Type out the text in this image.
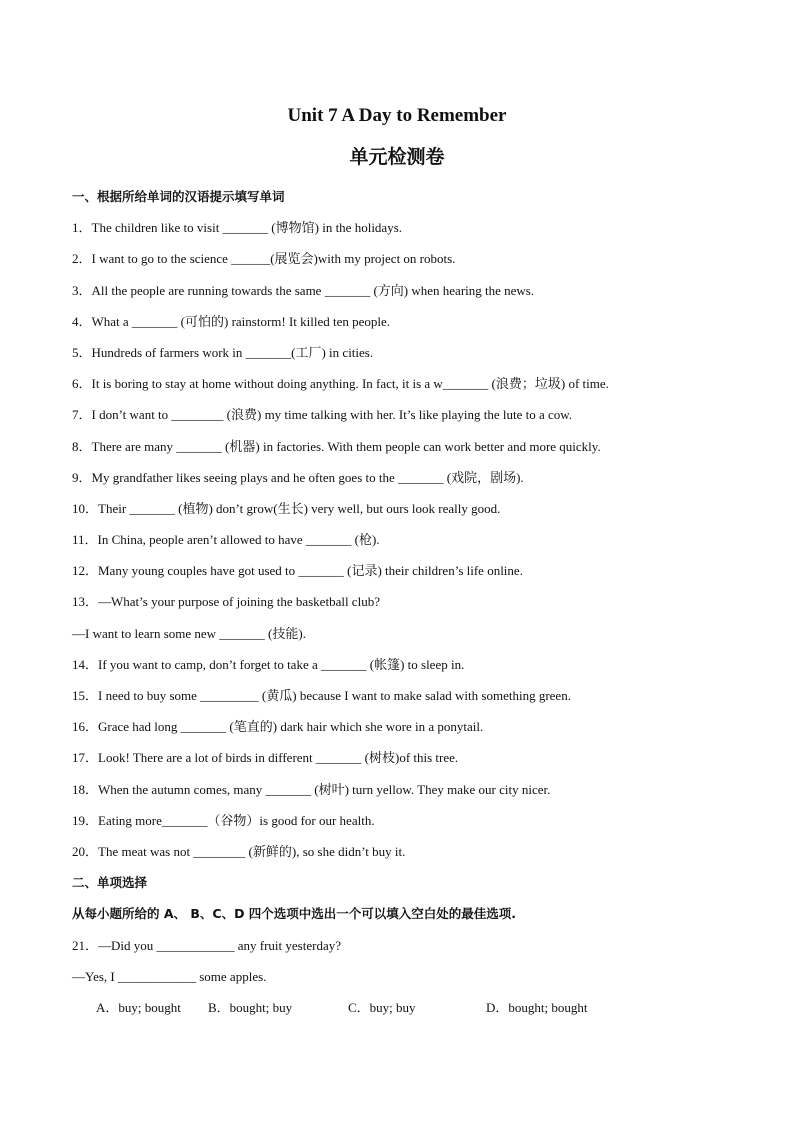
Unit 7 A Day to Remember
单元检测卷
一、根据所给单词的汉语提示填写单词
1．The children like to visit _______ (博物馆) in the holidays.
2．I want to go to the science ______(展览会)with my project on robots.
3．All the people are running towards the same _______ (方向) when hearing the news.
4．What a _______ (可怕的) rainstorm! It killed ten people.
5．Hundreds of farmers work in _______(工厂) in cities.
6．It is boring to stay at home without doing anything. In fact, it is a w_______ (浪费；垃圾) of time.
7．I don’t want to ________ (浪费) my time talking with her. It’s like playing the lute to a cow.
8．There are many _______ (机器) in factories. With them people can work better and more quickly.
9．My grandfather likes seeing plays and he often goes to the _______ (戏院，剧场).
10．Their _______ (植物) don’t grow(生长) very well, but ours look really good.
11．In China, people aren’t allowed to have _______ (枪).
12．Many young couples have got used to _______ (记录) their children’s life online.
13．—What’s your purpose of joining the basketball club?
—I want to learn some new _______ (技能).
14．If you want to camp, don’t forget to take a _______ (帐篷) to sleep in.
15．I need to buy some _________ (黄瓜) because I want to make salad with something green.
16．Grace had long _______ (笔直的) dark hair which she wore in a ponytail.
17．Look! There are a lot of birds in different _______ (树枝)of this tree.
18．When the autumn comes, many _______ (树叶) turn yellow. They make our city nicer.
19．Eating more_______（谷物）is good for our health.
20．The meat was not ________ (新鲜的), so she didn’t buy it.
二、单项选择
从每小题所给的 A、 B、C、D 四个选项中选出一个可以填入空白处的最佳选项.
21．—Did you ____________ any fruit yesterday?
—Yes, I ____________ some apples.
A．buy; bought	B．bought; buy	C．buy; buy	D．bought; bought
